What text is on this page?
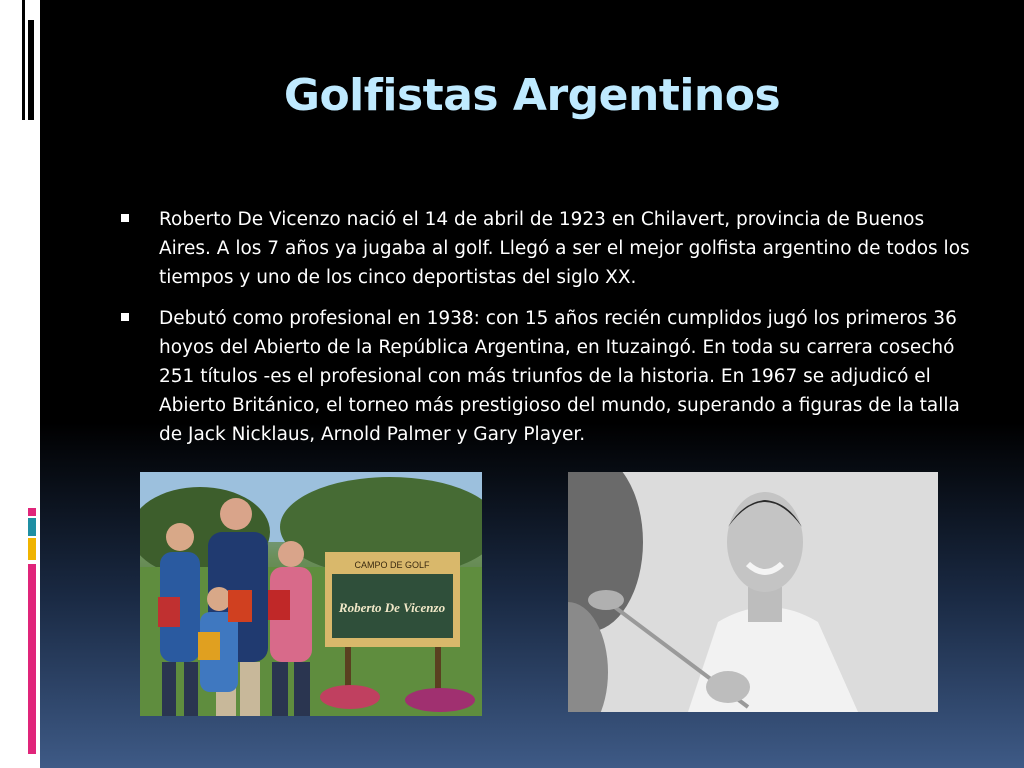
Golfistas Argentinos
Roberto De Vicenzo nació el 14 de abril de 1923 en Chilavert, provincia de Buenos Aires. A los 7 años ya jugaba al golf. Llegó a ser el mejor golfista argentino de todos los tiempos y uno de los cinco deportistas del siglo XX.
Debutó como profesional en 1938: con 15 años recién cumplidos jugó los primeros 36 hoyos del Abierto de la República Argentina, en Ituzaingó. En toda su carrera cosechó 251 títulos -es el profesional con más triunfos de la historia. En 1967 se adjudicó el Abierto Británico, el torneo más prestigioso del mundo, superando a figuras de la talla de Jack Nicklaus, Arnold Palmer y Gary Player.
CAMPO DE GOLF
Roberto De Vicenzo
